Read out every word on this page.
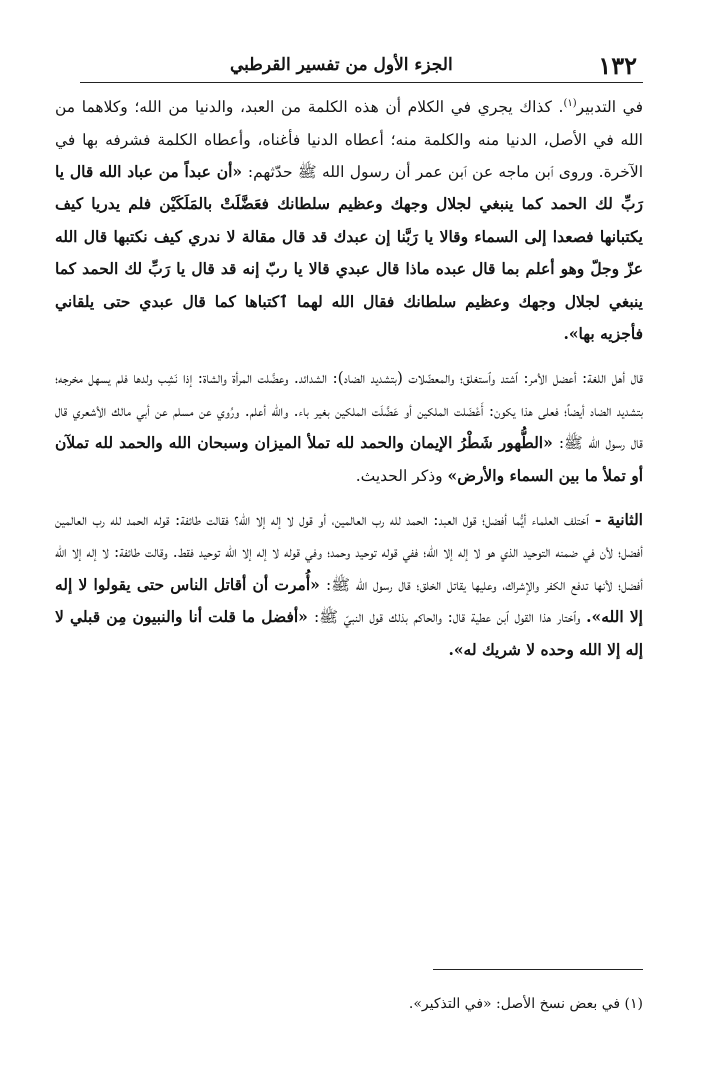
١٣٢
الجزء الأول من تفسير القرطبي

في التدبير$^{(١)}$. كذاك يجري في الكلام أن هذه الكلمة من العبد، والدنيا من الله؛ وكلاهما من الله في الأصل، الدنيا منه والكلمة منه؛ أعطاه الدنيا فأغناه، وأعطاه الكلمة فشرفه بها في الآخرة. وروى ٱبن ماجه عن ٱبن عمر أن رسول الله ﷺ حدّثهم: «أن عبداً من عباد الله قال يا رَبِّ لك الحمد كما ينبغي لجلال وجهك وعظيم سلطانك فعَضَّلَتْ بالمَلَكَيْن فلم يدريا كيف يكتبانها فصعدا إلى السماء وقالا يا رَبَّنا إن عبدك قد قال مقالة لا ندري كيف نكتبها قال الله عزّ وجلّ وهو أعلم بما قال عبده ماذا قال عبدي قالا يا ربّ إنه قد قال يا رَبِّ لك الحمد كما ينبغي لجلال وجهك وعظيم سلطانك فقال الله لهما ٱكتباها كما قال عبدي حتى يلقاني فأجزيه بها».

قال أهل اللغة: أعضل الأمر: ٱشتد وٱستغلق؛ والمعضّلات (بتشديد الضاد): الشدائد. وعضَّلت المرأة والشاة: إذا نَشِب ولدها فلم يسهل مخرجه؛ بتشديد الضاد أيضاً؛ فعلى هذا يكون: أَعْضَلت الملكين أو عَضَّلَت الملكين بغير باء. والله أعلم. ورُوي عن مسلم عن أبي مالك الأشعري قال قال رسول الله ﷺ: «الطُّهور شَطْرُ الإيمان والحمد لله تملأ الميزان وسبحان الله والحمد لله تملآن أو تملأ ما بين السماء والأرض» وذكر الحديث.

الثانية - ٱختلف العلماء أيُّما أفضل؛ قول العبد: الحمد لله رب العالمين، أو قول لا إله إلا الله؟ فقالت طائفة: قوله الحمد لله رب العالمين أفضل؛ لأن في ضمنه التوحيد الذي هو لا إله إلا الله؛ ففي قوله توحيد وحمد؛ وفي قوله لا إله إلا الله توحيد فقط. وقالت طائفة: لا إله إلا الله أفضل؛ لأنها تدفع الكفر والإشراك، وعليها يقاتل الخلق؛ قال رسول الله ﷺ: «أُمرت أن أقاتل الناس حتى يقولوا لا إله إلا الله». وٱختار هذا القول ٱبن عطية قال: والحاكم بذلك قول النبيّ ﷺ: «أفضل ما قلت أنا والنبيون مِن قبلي لا إله إلا الله وحده لا شريك له».

(١) في بعض نسخ الأصل: «في التذكير».
